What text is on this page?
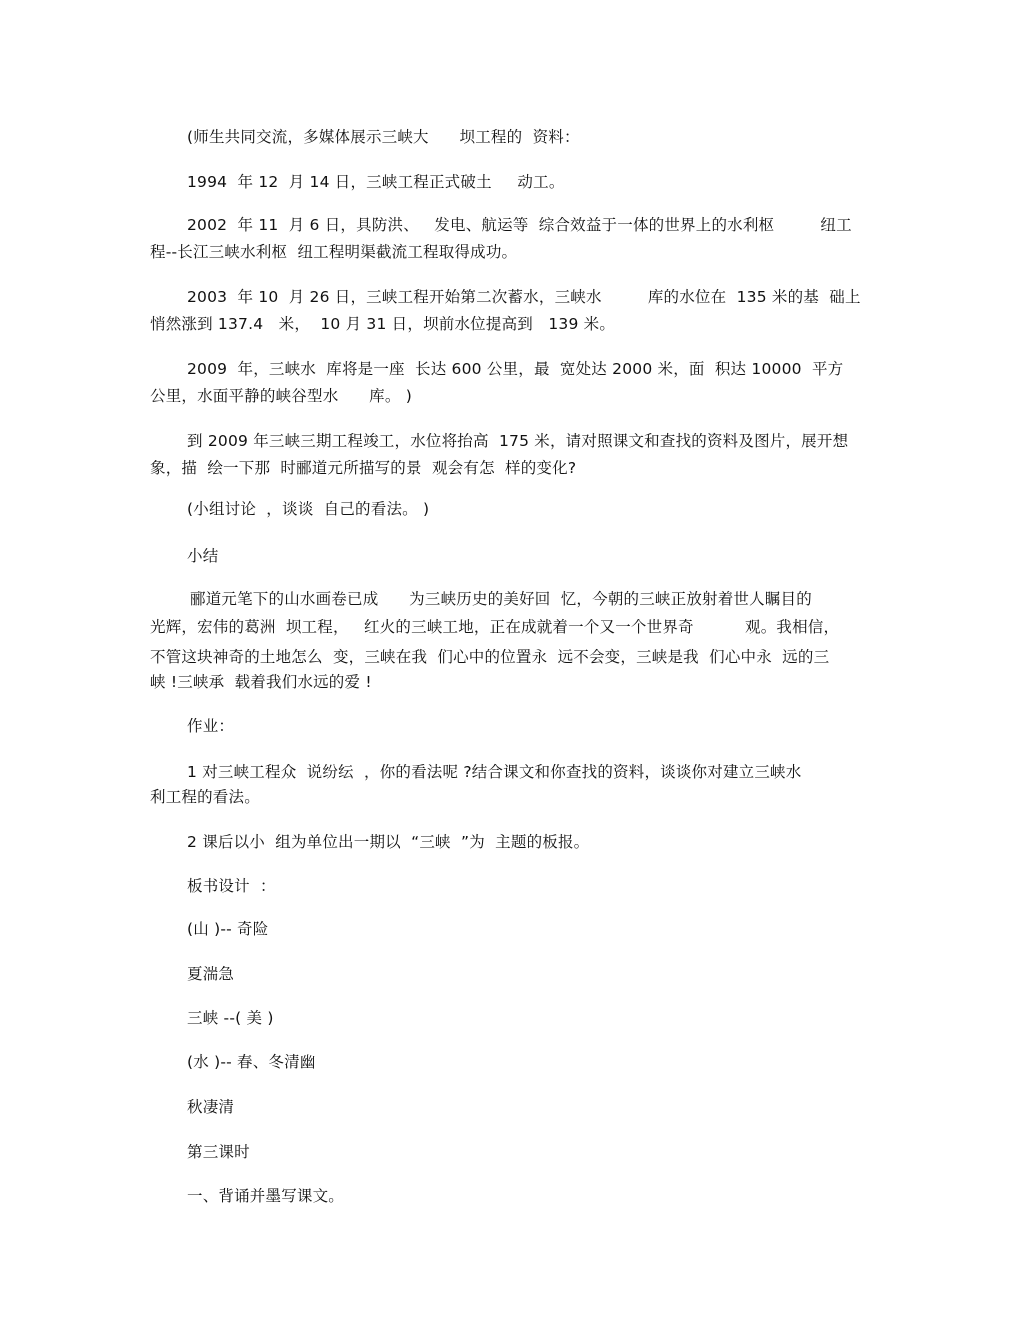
(师生共同交流，多媒体展示三峡大      坝工程的  资料：
1994  年 12  月 14 日，三峡工程正式破土     动工。
2002  年 11  月 6 日，具防洪、   发电、航运等  综合效益于一体的世界上的水利枢         纽工
程--长江三峡水利枢  纽工程明渠截流工程取得成功。
2003  年 10  月 26 日，三峡工程开始第二次蓄水，三峡水         库的水位在  135 米的基  础上
悄然涨到 137.4   米，  10 月 31 日，坝前水位提高到   139 米。
2009  年，三峡水  库将是一座  长达 600 公里，最  宽处达 2000 米，面  积达 10000  平方
公里，水面平静的峡谷型水      库。 )
到 2009 年三峡三期工程竣工，水位将抬高  175 米，请对照课文和查找的资料及图片，展开想
象，描  绘一下那  时郦道元所描写的景  观会有怎  样的变化?
(小组讨论  ，谈谈  自己的看法。 )
小结
郦道元笔下的山水画卷已成      为三峡历史的美好回  忆，今朝的三峡正放射着世人瞩目的
光辉，宏伟的葛洲  坝工程，   红火的三峡工地，正在成就着一个又一个世界奇          观。我相信，
不管这块神奇的土地怎么  变，三峡在我  们心中的位置永  远不会变，三峡是我  们心中永  远的三
峡 !三峡承  载着我们水远的爱 !
作业：
1 对三峡工程众  说纷纭  ，你的看法呢 ?结合课文和你查找的资料，谈谈你对建立三峡水
利工程的看法。
2 课后以小  组为单位出一期以  “三峡  ”为  主题的板报。
板书设计  ：
(山 )-- 奇险
夏湍急
三峡 --( 美 )
(水 )-- 春、冬清幽
秋凄清
第三课时
一、背诵并墨写课文。
